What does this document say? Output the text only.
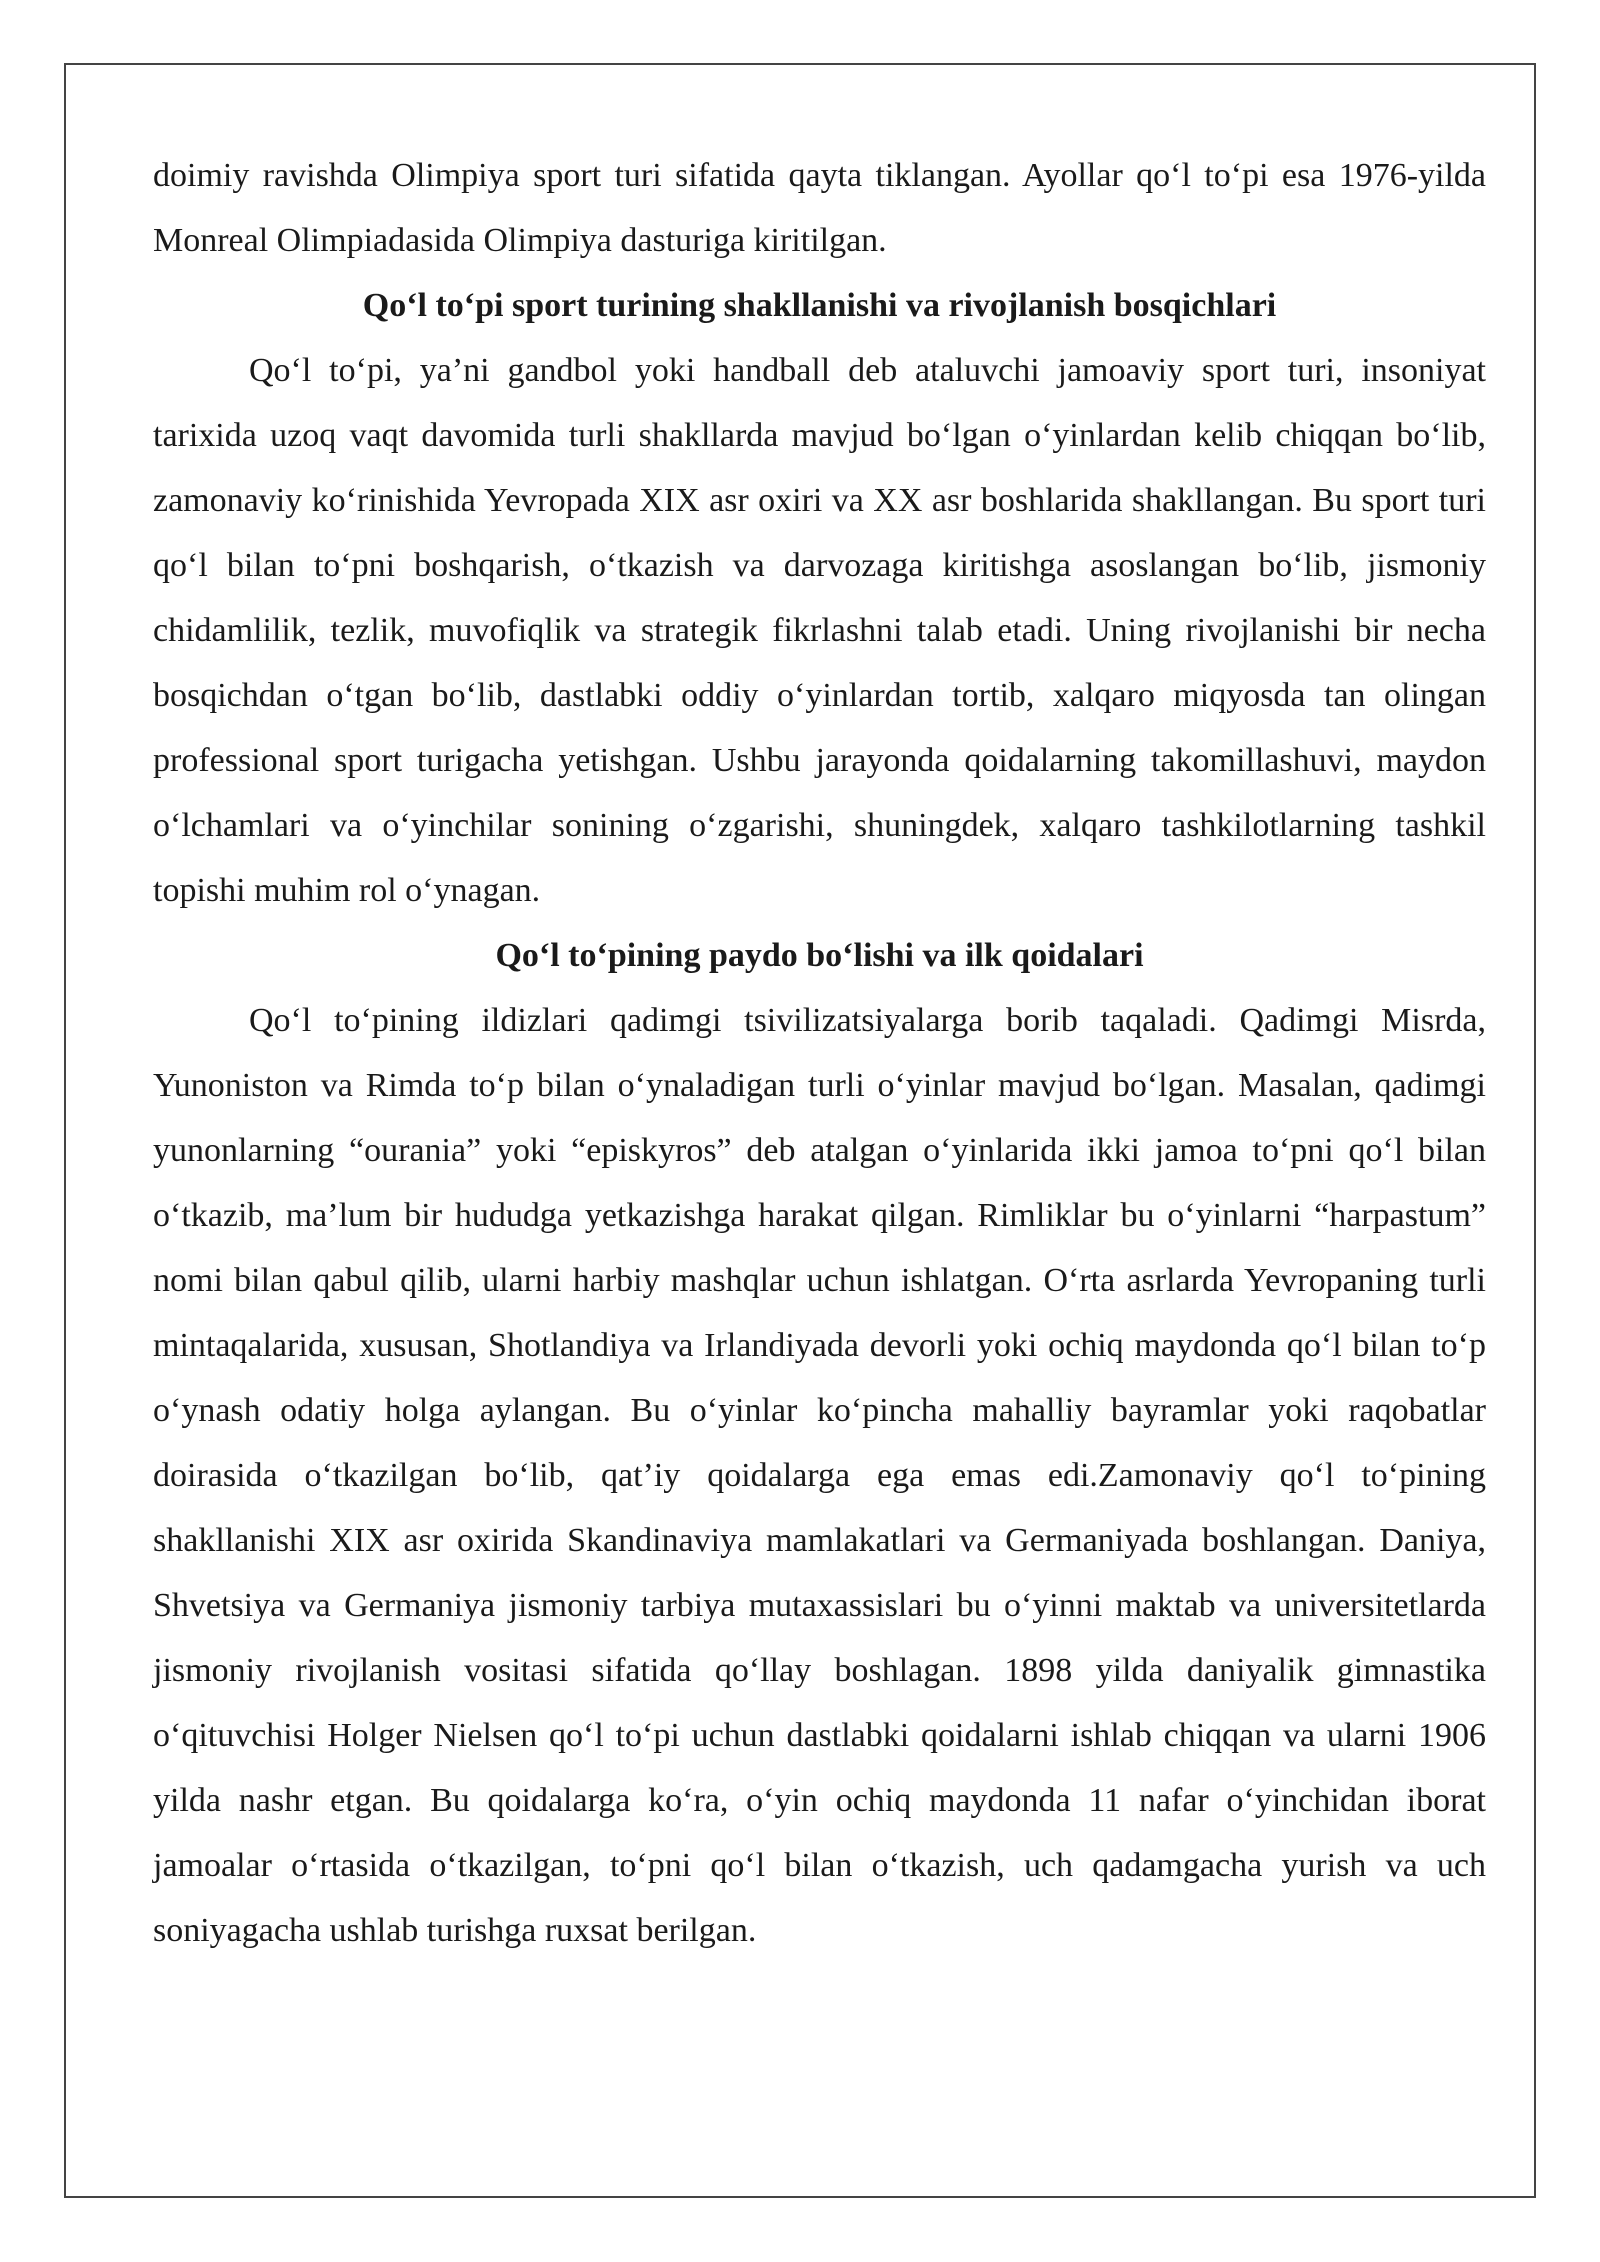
doimiy ravishda Olimpiya sport turi sifatida qayta tiklangan. Ayollar qo‘l to‘pi esa 1976-yilda Monreal Olimpiadasida Olimpiya dasturiga kiritilgan.

Qo‘l to‘pi sport turining shakllanishi va rivojlanish bosqichlari

Qo‘l to‘pi, ya’ni gandbol yoki handball deb ataluvchi jamoaviy sport turi, insoniyat tarixida uzoq vaqt davomida turli shakllarda mavjud bo‘lgan o‘yinlardan kelib chiqqan bo‘lib, zamonaviy ko‘rinishida Yevropada XIX asr oxiri va XX asr boshlarida shakllangan. Bu sport turi qo‘l bilan to‘pni boshqarish, o‘tkazish va darvozaga kiritishga asoslangan bo‘lib, jismoniy chidamlilik, tezlik, muvofiqlik va strategik fikrlashni talab etadi. Uning rivojlanishi bir necha bosqichdan o‘tgan bo‘lib, dastlabki oddiy o‘yinlardan tortib, xalqaro miqyosda tan olingan professional sport turigacha yetishgan. Ushbu jarayonda qoidalarning takomillashuvi, maydon o‘lchamlari va o‘yinchilar sonining o‘zgarishi, shuningdek, xalqaro tashkilotlarning tashkil topishi muhim rol o‘ynagan.

Qo‘l to‘pining paydo bo‘lishi va ilk qoidalari

Qo‘l to‘pining ildizlari qadimgi tsivilizatsiyalarga borib taqaladi. Qadimgi Misrda, Yunoniston va Rimda to‘p bilan o‘ynaladigan turli o‘yinlar mavjud bo‘lgan. Masalan, qadimgi yunonlarning “ourania” yoki “episkyros” deb atalgan o‘yinlarida ikki jamoa to‘pni qo‘l bilan o‘tkazib, ma’lum bir hududga yetkazishga harakat qilgan. Rimliklar bu o‘yinlarni “harpastum” nomi bilan qabul qilib, ularni harbiy mashqlar uchun ishlatgan. O‘rta asrlarda Yevropaning turli mintaqalarida, xususan, Shotlandiya va Irlandiyada devorli yoki ochiq maydonda qo‘l bilan to‘p o‘ynash odatiy holga aylangan. Bu o‘yinlar ko‘pincha mahalliy bayramlar yoki raqobatlar doirasida o‘tkazilgan bo‘lib, qat’iy qoidalarga ega emas edi.Zamonaviy qo‘l to‘pining shakllanishi XIX asr oxirida Skandinaviya mamlakatlari va Germaniyada boshlangan. Daniya, Shvetsiya va Germaniya jismoniy tarbiya mutaxassislari bu o‘yinni maktab va universitetlarda jismoniy rivojlanish vositasi sifatida qo‘llay boshlagan. 1898 yilda daniyalik gimnastika o‘qituvchisi Holger Nielsen qo‘l to‘pi uchun dastlabki qoidalarni ishlab chiqqan va ularni 1906 yilda nashr etgan. Bu qoidalarga ko‘ra, o‘yin ochiq maydonda 11 nafar o‘yinchidan iborat jamoalar o‘rtasida o‘tkazilgan, to‘pni qo‘l bilan o‘tkazish, uch qadamgacha yurish va uch soniyagacha ushlab turishga ruxsat berilgan.
